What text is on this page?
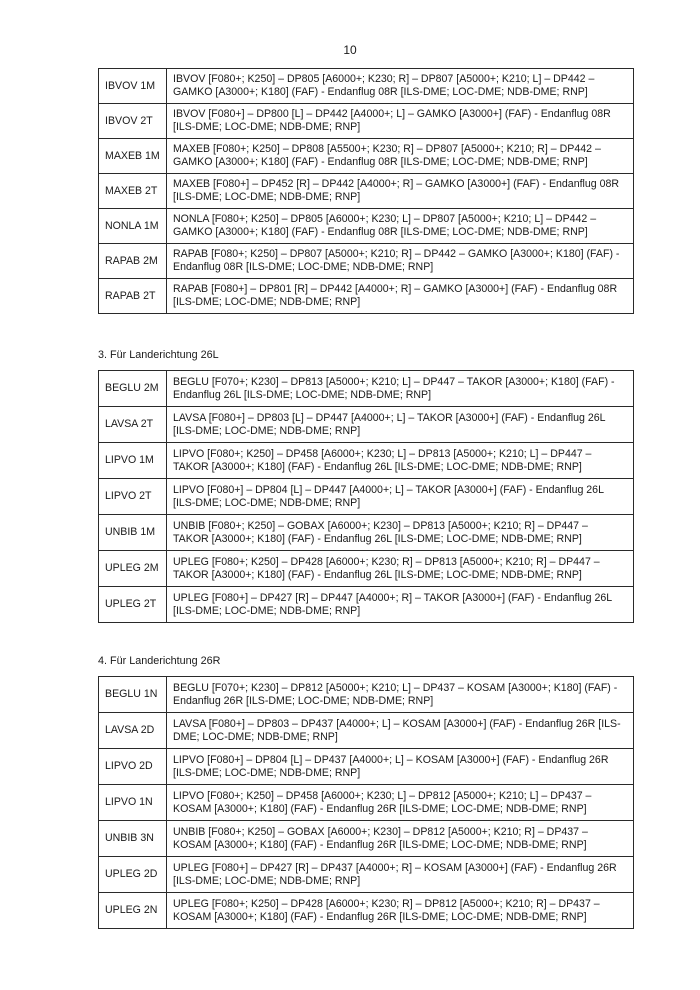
10
IBVOV 1M	IBVOV [F080+; K250] – DP805 [A6000+; K230; R] – DP807 [A5000+; K210; L] – DP442 – GAMKO [A3000+; K180] (FAF) - Endanflug 08R [ILS-DME; LOC-DME; NDB-DME; RNP]
IBVOV 2T	IBVOV [F080+] – DP800 [L] – DP442 [A4000+; L] – GAMKO [A3000+] (FAF) - Endanflug 08R [ILS-DME; LOC-DME; NDB-DME; RNP]
MAXEB 1M	MAXEB [F080+; K250] – DP808 [A5500+; K230; R] – DP807 [A5000+; K210; R] – DP442 – GAMKO [A3000+; K180] (FAF) - Endanflug 08R [ILS-DME; LOC-DME; NDB-DME; RNP]
MAXEB 2T	MAXEB [F080+] – DP452 [R] – DP442 [A4000+; R] – GAMKO [A3000+] (FAF) - Endanflug 08R [ILS-DME; LOC-DME; NDB-DME; RNP]
NONLA 1M	NONLA [F080+; K250] – DP805 [A6000+; K230; L] – DP807 [A5000+; K210; L] – DP442 – GAMKO [A3000+; K180] (FAF) - Endanflug 08R [ILS-DME; LOC-DME; NDB-DME; RNP]
RAPAB 2M	RAPAB [F080+; K250] – DP807 [A5000+; K210; R] – DP442 – GAMKO [A3000+; K180] (FAF) - Endanflug 08R [ILS-DME; LOC-DME; NDB-DME; RNP]
RAPAB 2T	RAPAB [F080+] – DP801 [R] – DP442 [A4000+; R] – GAMKO [A3000+] (FAF) - Endanflug 08R [ILS-DME; LOC-DME; NDB-DME; RNP]
3. Für Landerichtung 26L
BEGLU 2M	BEGLU [F070+; K230] – DP813 [A5000+; K210; L] – DP447 – TAKOR [A3000+; K180] (FAF) - Endanflug 26L [ILS-DME; LOC-DME; NDB-DME; RNP]
LAVSA 2T	LAVSA [F080+] – DP803 [L] – DP447 [A4000+; L] – TAKOR [A3000+] (FAF) - Endanflug 26L [ILS-DME; LOC-DME; NDB-DME; RNP]
LIPVO 1M	LIPVO [F080+; K250] – DP458 [A6000+; K230; L] – DP813 [A5000+; K210; L] – DP447 – TAKOR [A3000+; K180] (FAF) - Endanflug 26L [ILS-DME; LOC-DME; NDB-DME; RNP]
LIPVO 2T	LIPVO [F080+] – DP804 [L] – DP447 [A4000+; L] – TAKOR [A3000+] (FAF) - Endanflug 26L [ILS-DME; LOC-DME; NDB-DME; RNP]
UNBIB 1M	UNBIB [F080+; K250] – GOBAX [A6000+; K230] – DP813 [A5000+; K210; R] – DP447 – TAKOR [A3000+; K180] (FAF) - Endanflug 26L [ILS-DME; LOC-DME; NDB-DME; RNP]
UPLEG 2M	UPLEG [F080+; K250] – DP428 [A6000+; K230; R] – DP813 [A5000+; K210; R] – DP447 – TAKOR [A3000+; K180] (FAF) - Endanflug 26L [ILS-DME; LOC-DME; NDB-DME; RNP]
UPLEG 2T	UPLEG [F080+] – DP427 [R] – DP447 [A4000+; R] – TAKOR [A3000+] (FAF) - Endanflug 26L [ILS-DME; LOC-DME; NDB-DME; RNP]
4. Für Landerichtung 26R
BEGLU 1N	BEGLU [F070+; K230] – DP812 [A5000+; K210; L] – DP437 – KOSAM [A3000+; K180] (FAF) - Endanflug 26R [ILS-DME; LOC-DME; NDB-DME; RNP]
LAVSA 2D	LAVSA [F080+] – DP803 – DP437 [A4000+; L] – KOSAM [A3000+] (FAF) - Endanflug 26R [ILS-DME; LOC-DME; NDB-DME; RNP]
LIPVO 2D	LIPVO [F080+] – DP804 [L] – DP437 [A4000+; L] – KOSAM [A3000+] (FAF) - Endanflug 26R [ILS-DME; LOC-DME; NDB-DME; RNP]
LIPVO 1N	LIPVO [F080+; K250] – DP458 [A6000+; K230; L] – DP812 [A5000+; K210; L] – DP437 – KOSAM [A3000+; K180] (FAF) - Endanflug 26R [ILS-DME; LOC-DME; NDB-DME; RNP]
UNBIB 3N	UNBIB [F080+; K250] – GOBAX [A6000+; K230] – DP812 [A5000+; K210; R] – DP437 – KOSAM [A3000+; K180] (FAF) - Endanflug 26R [ILS-DME; LOC-DME; NDB-DME; RNP]
UPLEG 2D	UPLEG [F080+] – DP427 [R] – DP437 [A4000+; R] – KOSAM [A3000+] (FAF) - Endanflug 26R [ILS-DME; LOC-DME; NDB-DME; RNP]
UPLEG 2N	UPLEG [F080+; K250] – DP428 [A6000+; K230; R] – DP812 [A5000+; K210; R] – DP437 – KOSAM [A3000+; K180] (FAF) - Endanflug 26R [ILS-DME; LOC-DME; NDB-DME; RNP]
